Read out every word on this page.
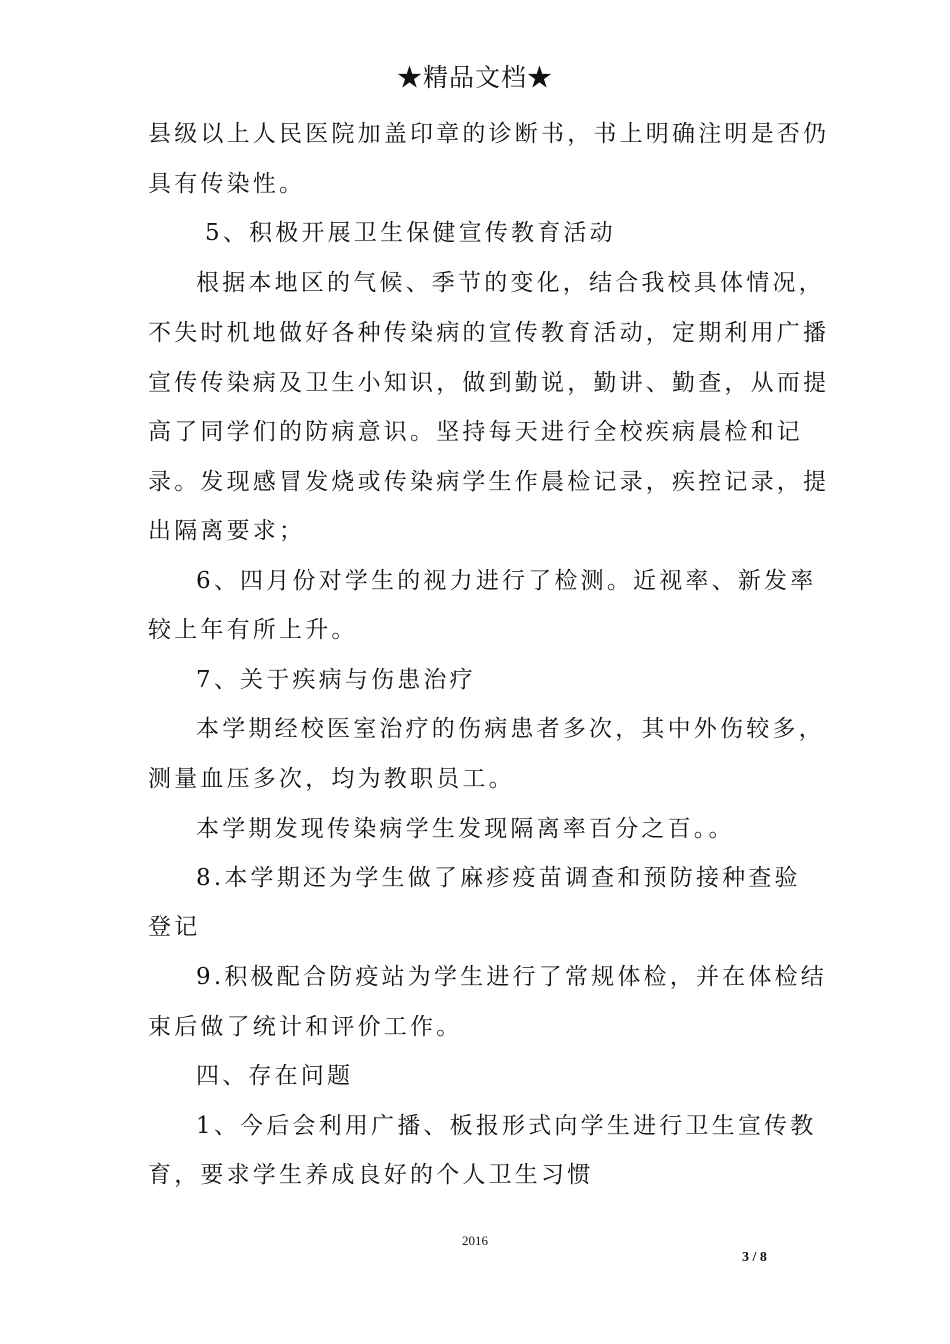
★精品文档★
县级以上人民医院加盖印章的诊断书，书上明确注明是否仍
具有传染性。
5、积极开展卫生保健宣传教育活动
根据本地区的气候、季节的变化，结合我校具体情况，
不失时机地做好各种传染病的宣传教育活动，定期利用广播
宣传传染病及卫生小知识，做到勤说，勤讲、勤查，从而提
高了同学们的防病意识。坚持每天进行全校疾病晨检和记
录。发现感冒发烧或传染病学生作晨检记录，疾控记录，提
出隔离要求；
6、四月份对学生的视力进行了检测。近视率、新发率
较上年有所上升。
7、关于疾病与伤患治疗
本学期经校医室治疗的伤病患者多次，其中外伤较多，
测量血压多次，均为教职员工。
本学期发现传染病学生发现隔离率百分之百。。
8.本学期还为学生做了麻疹疫苗调查和预防接种查验
登记
9.积极配合防疫站为学生进行了常规体检，并在体检结
束后做了统计和评价工作。
四、存在问题
1、今后会利用广播、板报形式向学生进行卫生宣传教
育，要求学生养成良好的个人卫生习惯
2016
3 / 8
